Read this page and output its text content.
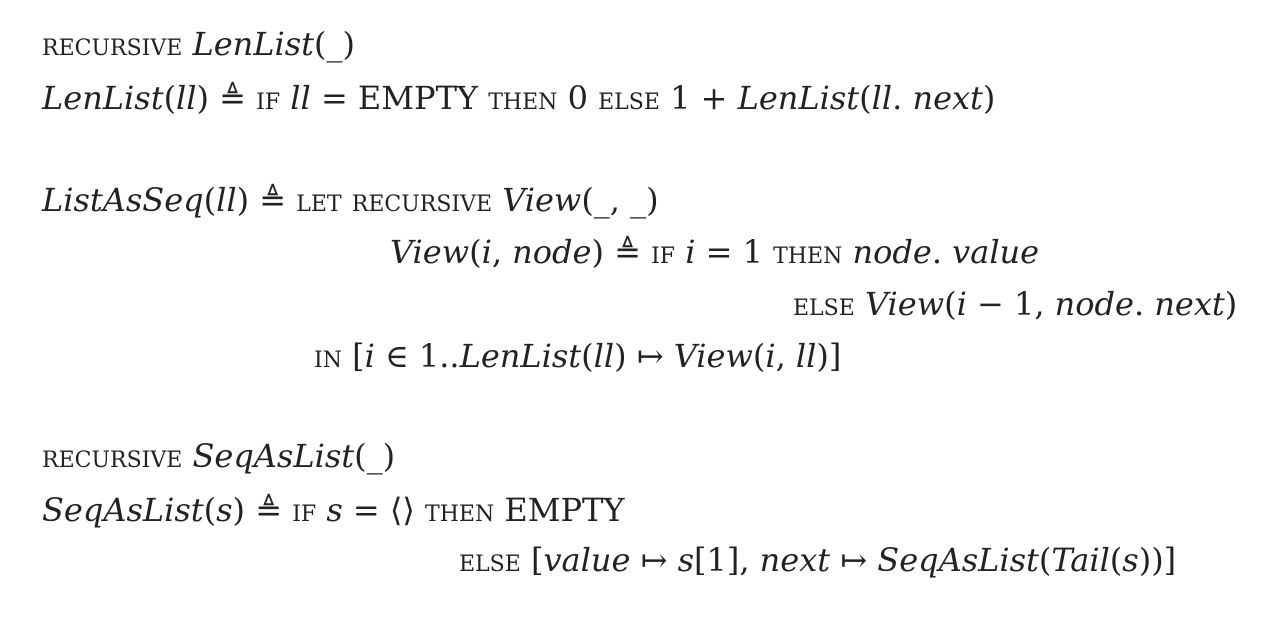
recursive LenList(_)
LenList(ll) ≜ if ll = EMPTY then 0 else 1 + LenList(ll. next)
ListAsSeq(ll) ≜ let recursive View(_, _)
View(i, node) ≜ if i = 1 then node. value
else View(i − 1, node. next)
in [i ∈ 1..LenList(ll) ↦ View(i, ll)]
recursive SeqAsList(_)
SeqAsList(s) ≜ if s = ⟨⟩ then EMPTY
else [value ↦ s[1], next ↦ SeqAsList(Tail(s))]
